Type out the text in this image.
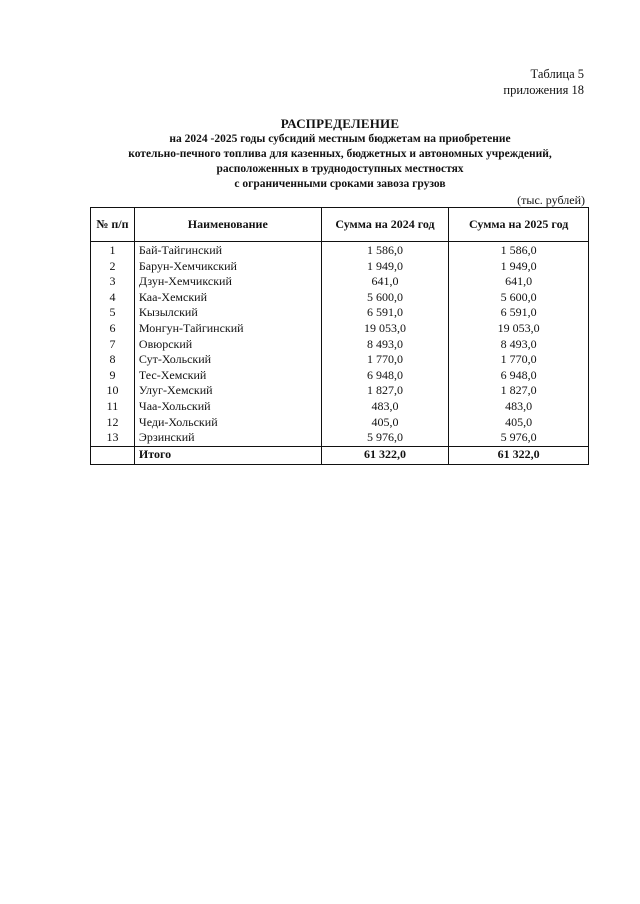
Таблица 5
приложения 18
РАСПРЕДЕЛЕНИЕ
на 2024 -2025 годы субсидий местным бюджетам на приобретение
котельно-печного топлива для казенных, бюджетных и автономных учреждений,
расположенных в труднодоступных местностях
с ограниченными сроками завоза грузов
(тыс. рублей)
№ п/п	Наименование	Сумма на 2024 год	Сумма на 2025 год
1	Бай-Тайгинский	1 586,0	1 586,0
2	Барун-Хемчикский	1 949,0	1 949,0
3	Дзун-Хемчикский	641,0	641,0
4	Каа-Хемский	5 600,0	5 600,0
5	Кызылский	6 591,0	6 591,0
6	Монгун-Тайгинский	19 053,0	19 053,0
7	Овюрский	8 493,0	8 493,0
8	Сут-Хольский	1 770,0	1 770,0
9	Тес-Хемский	6 948,0	6 948,0
10	Улуг-Хемский	1 827,0	1 827,0
11	Чаа-Хольский	483,0	483,0
12	Чеди-Хольский	405,0	405,0
13	Эрзинский	5 976,0	5 976,0
	Итого	61 322,0	61 322,0
